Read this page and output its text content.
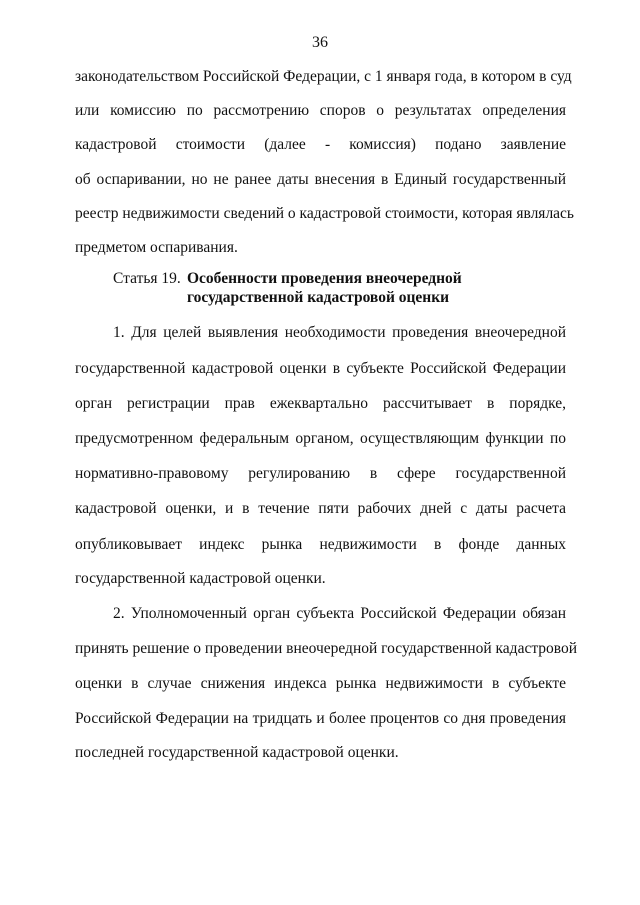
36
законодательством Российской Федерации, с 1 января года, в котором в суд
или комиссию по рассмотрению споров о результатах определения
кадастровой стоимости (далее - комиссия) подано заявление
об оспаривании, но не ранее даты внесения в Единый государственный
реестр недвижимости сведений о кадастровой стоимости, которая являлась
предметом оспаривания.
Статья 19. Особенности проведения внеочередной
государственной кадастровой оценки
1. Для целей выявления необходимости проведения внеочередной
государственной кадастровой оценки в субъекте Российской Федерации
орган регистрации прав ежеквартально рассчитывает в порядке,
предусмотренном федеральным органом, осуществляющим функции по
нормативно-правовому регулированию в сфере государственной
кадастровой оценки, и в течение пяти рабочих дней с даты расчета
опубликовывает индекс рынка недвижимости в фонде данных
государственной кадастровой оценки.
2. Уполномоченный орган субъекта Российской Федерации обязан
принять решение о проведении внеочередной государственной кадастровой
оценки в случае снижения индекса рынка недвижимости в субъекте
Российской Федерации на тридцать и более процентов со дня проведения
последней государственной кадастровой оценки.
